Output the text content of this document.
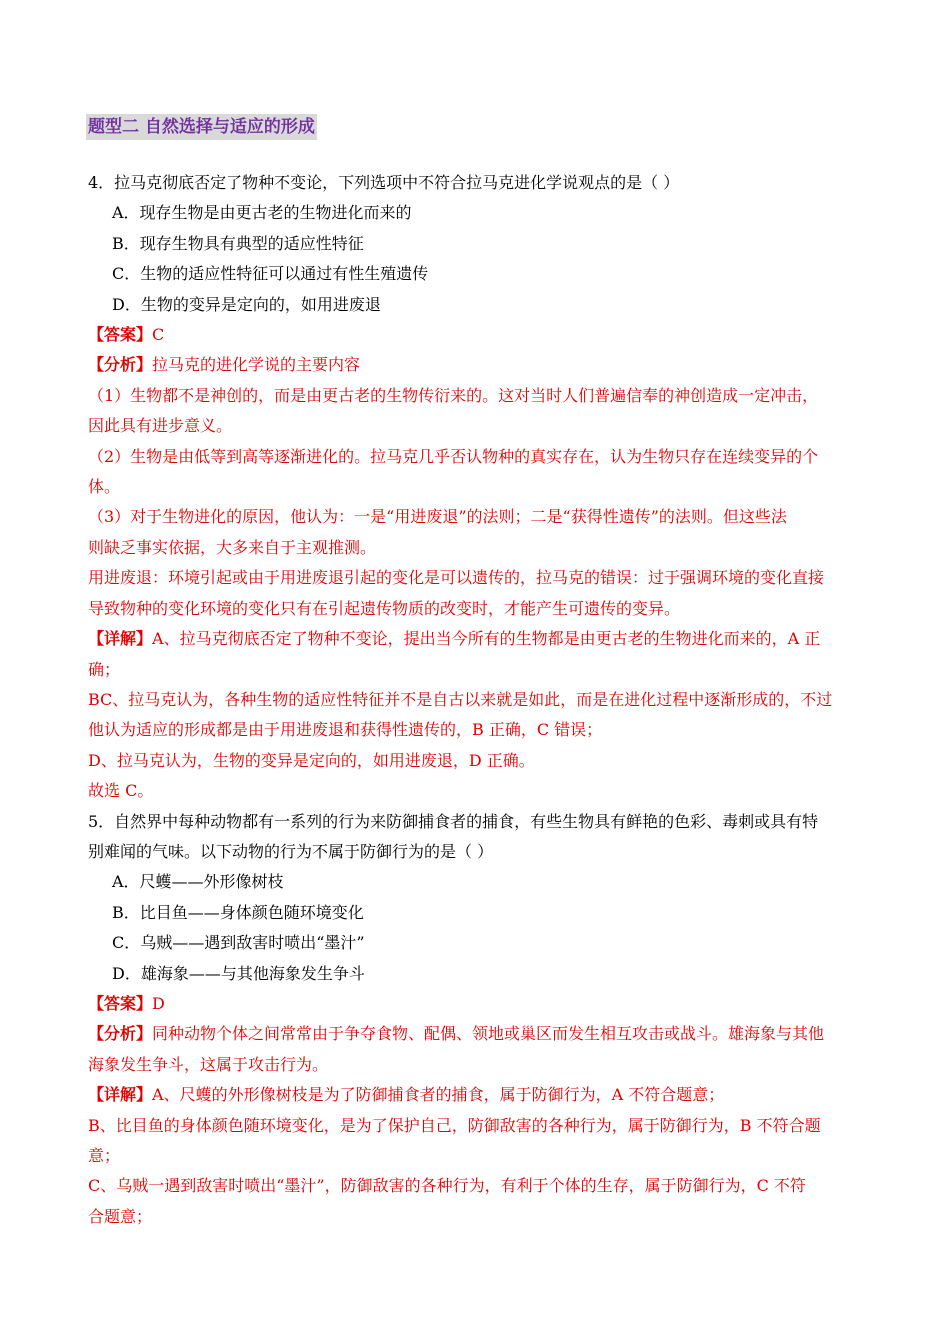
题型二 自然选择与适应的形成
4．拉马克彻底否定了物种不变论，下列选项中不符合拉马克进化学说观点的是（ ）
A．现存生物是由更古老的生物进化而来的
B．现存生物具有典型的适应性特征
C．生物的适应性特征可以通过有性生殖遗传
D．生物的变异是定向的，如用进废退
【答案】C
【分析】拉马克的进化学说的主要内容
（1）生物都不是神创的，而是由更古老的生物传衍来的。这对当时人们普遍信奉的神创造成一定冲击，
因此具有进步意义。
（2）生物是由低等到高等逐渐进化的。拉马克几乎否认物种的真实存在，认为生物只存在连续变异的个
体。
（3）对于生物进化的原因，他认为：一是“用进废退”的法则；二是“获得性遗传”的法则。但这些法
则缺乏事实依据，大多来自于主观推测。
用进废退：环境引起或由于用进废退引起的变化是可以遗传的，拉马克的错误：过于强调环境的变化直接
导致物种的变化环境的变化只有在引起遗传物质的改变时，才能产生可遗传的变异。
【详解】A、拉马克彻底否定了物种不变论，提出当今所有的生物都是由更古老的生物进化而来的，A 正
确；
BC、拉马克认为，各种生物的适应性特征并不是自古以来就是如此，而是在进化过程中逐渐形成的，不过
他认为适应的形成都是由于用进废退和获得性遗传的，B 正确，C 错误；
D、拉马克认为，生物的变异是定向的，如用进废退，D 正确。
故选 C。
5．自然界中每种动物都有一系列的行为来防御捕食者的捕食，有些生物具有鲜艳的色彩、毒刺或具有特
别难闻的气味。以下动物的行为不属于防御行为的是（ ）
A．尺蠖——外形像树枝
B．比目鱼——身体颜色随环境变化
C．乌贼——遇到敌害时喷出“墨汁”
D．雄海象——与其他海象发生争斗
【答案】D
【分析】同种动物个体之间常常由于争夺食物、配偶、领地或巢区而发生相互攻击或战斗。雄海象与其他
海象发生争斗，这属于攻击行为。
【详解】A、尺蠖的外形像树枝是为了防御捕食者的捕食，属于防御行为，A 不符合题意；
B、比目鱼的身体颜色随环境变化，是为了保护自己，防御敌害的各种行为，属于防御行为，B 不符合题
意；
C、乌贼一遇到敌害时喷出“墨汁”，防御敌害的各种行为，有利于个体的生存，属于防御行为，C 不符
合题意；
